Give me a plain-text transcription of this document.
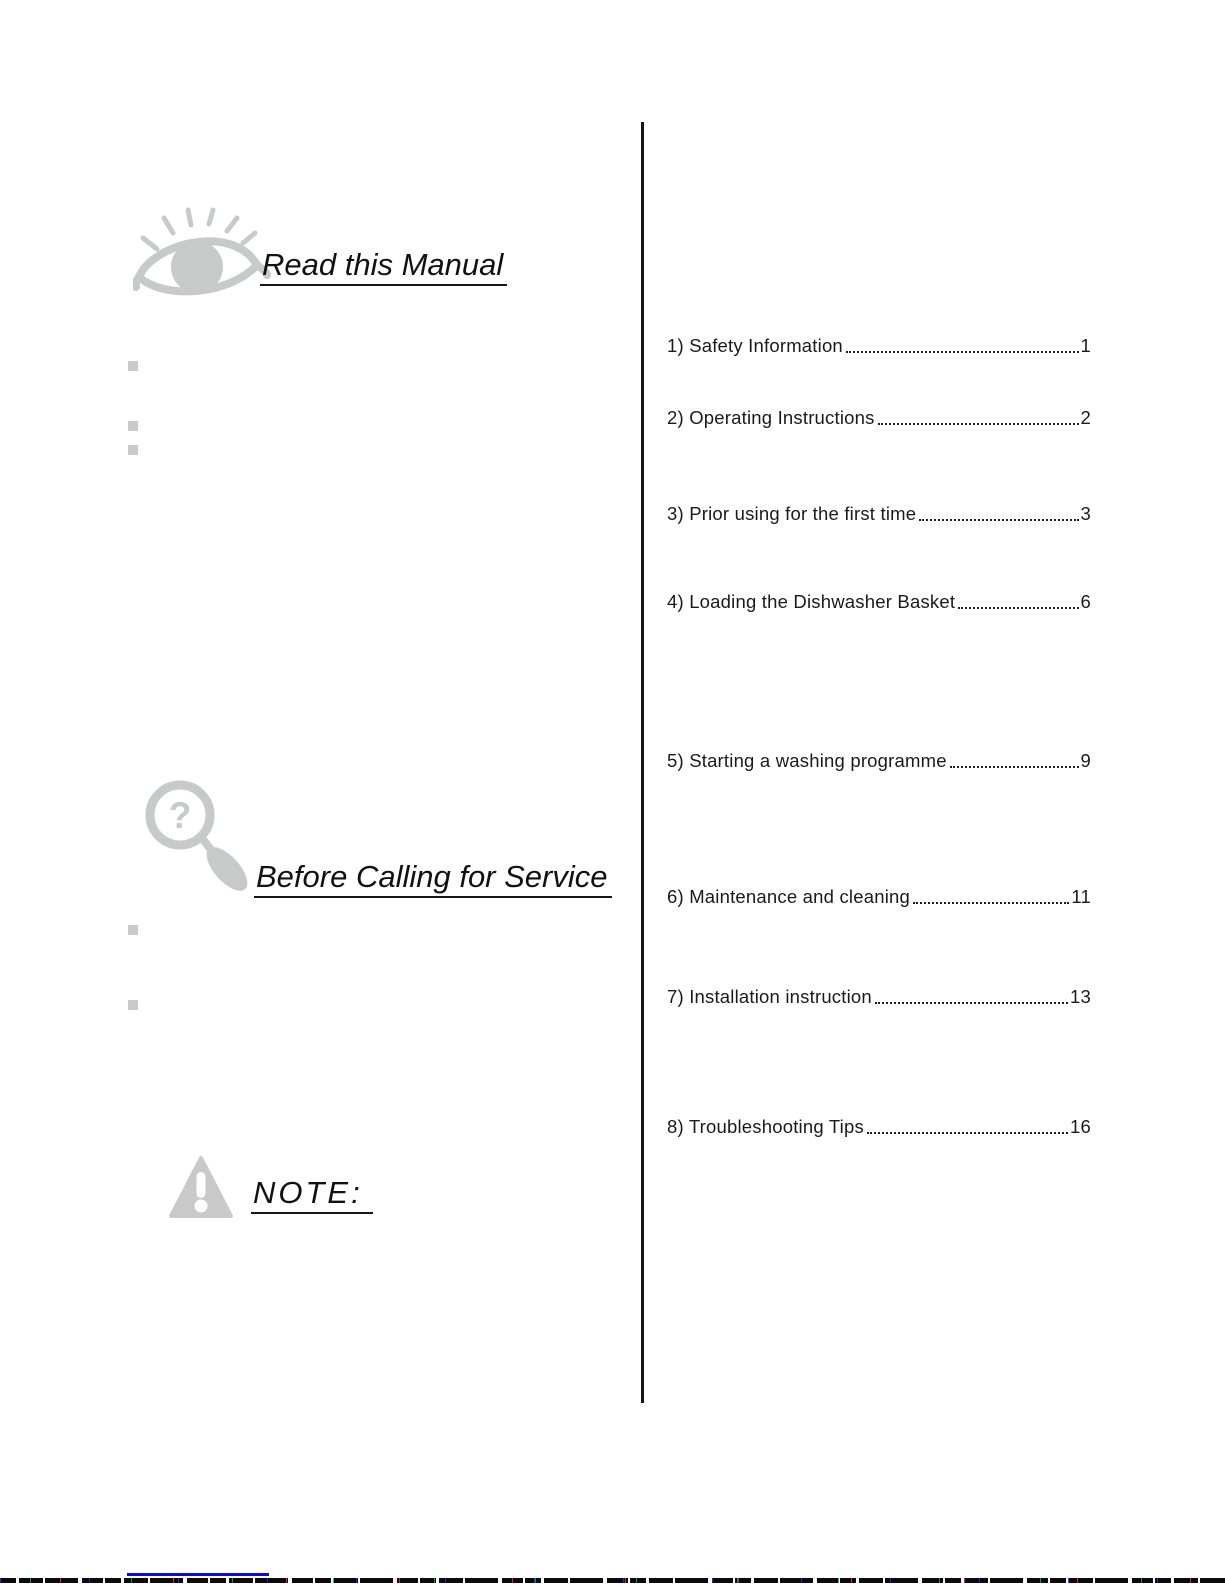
Read this Manual
?
Before Calling for Service
NOTE:
1) Safety Information	1
2) Operating Instructions	2
3) Prior using for the first time	3
4) Loading the Dishwasher Basket	6
5) Starting a washing programme	9
6) Maintenance and cleaning	11
7) Installation instruction	13
8) Troubleshooting Tips	16
